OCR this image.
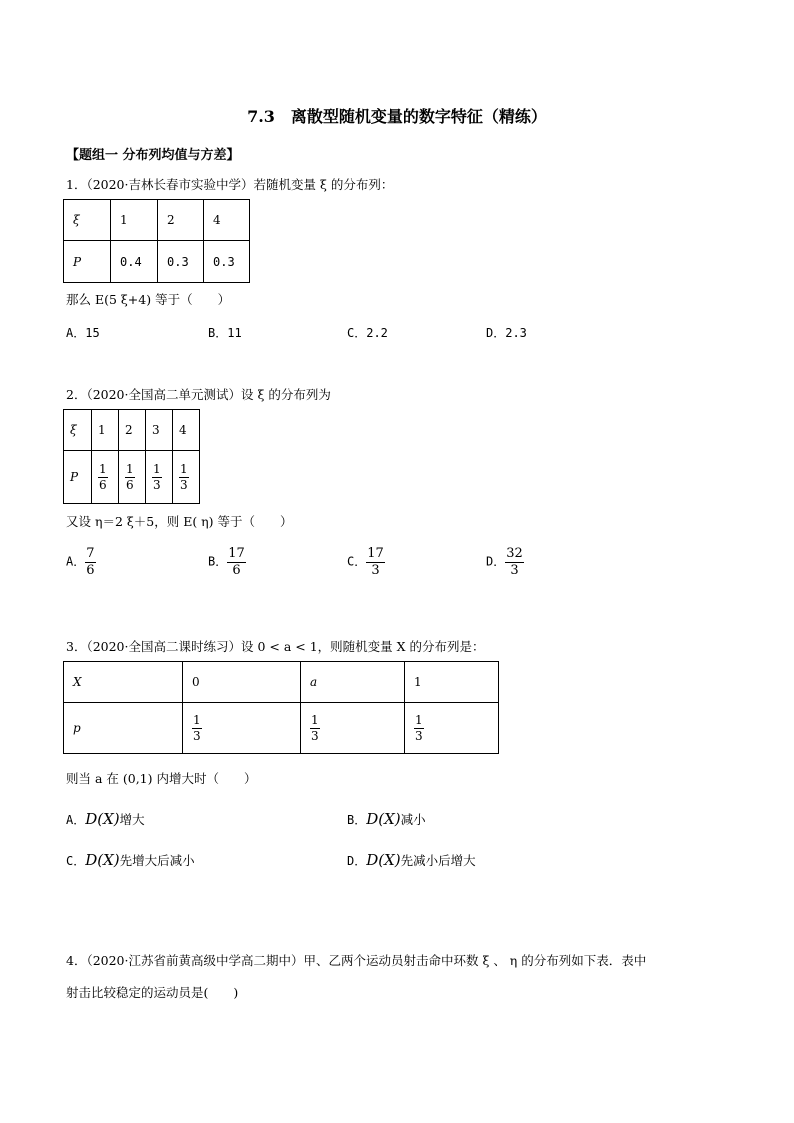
7.3　离散型随机变量的数字特征（精练）
【题组一 分布列均值与方差】
1．（2020·吉林长春市实验中学）若随机变量 ξ 的分布列：
ξ	1	2	4
P	0.4	0.3	0.3
那么 E(5 ξ+4) 等于（　　）
A．15	B．11	C．2.2	D．2.3
2．（2020·全国高二单元测试）设 ξ 的分布列为
ξ	1	2	3	4
P	$\frac{1}{6}$	$\frac{1}{6}$	$\frac{1}{3}$	$\frac{1}{3}$
又设 η＝2 ξ＋5，则 E( η) 等于（　　）
A． $\frac{7}{6}$	B． $\frac{17}{6}$	C． $\frac{17}{3}$	D． $\frac{32}{3}$
3．（2020·全国高二课时练习）设 0 < a < 1，则随机变量 X 的分布列是：
X	0	a	1
p	$\frac{1}{3}$	$\frac{1}{3}$	$\frac{1}{3}$
则当 a 在 (0,1) 内增大时（　　）
A．D(X)增大	B．D(X)减小
C．D(X)先增大后减小	D．D(X)先减小后增大
4．（2020·江苏省前黄高级中学高二期中）甲、乙两个运动员射击命中环数 ξ 、 η 的分布列如下表．表中
射击比较稳定的运动员是(　　)
